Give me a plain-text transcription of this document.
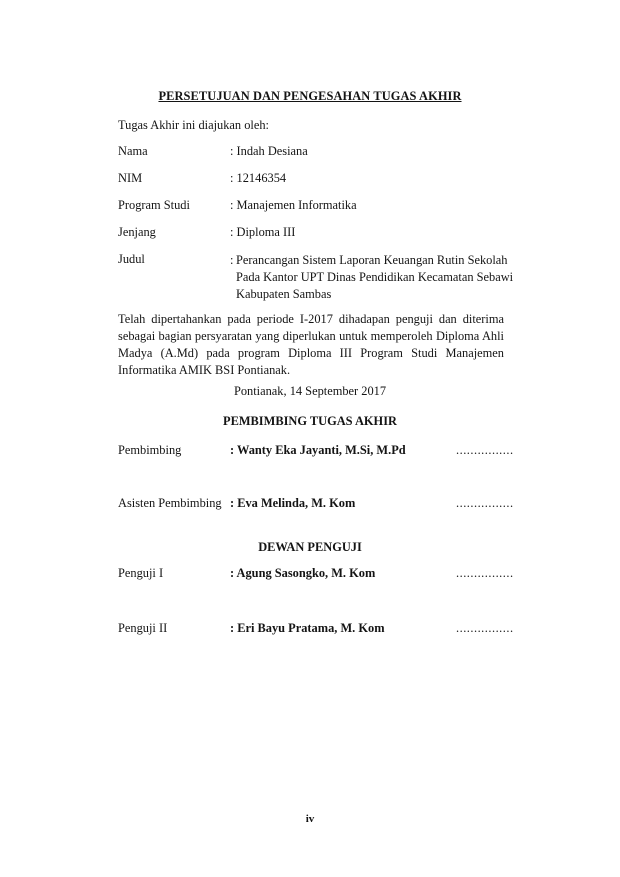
PERSETUJUAN DAN PENGESAHAN TUGAS AKHIR
Tugas Akhir ini diajukan oleh:
Nama	: Indah Desiana
NIM	: 12146354
Program Studi	: Manajemen Informatika
Jenjang	: Diploma III
Judul	: Perancangan Sistem Laporan Keuangan Rutin Sekolah
Pada Kantor UPT Dinas Pendidikan Kecamatan Sebawi
Kabupaten Sambas
Telah dipertahankan pada periode I-2017 dihadapan penguji dan diterima sebagai bagian persyaratan yang diperlukan untuk memperoleh Diploma Ahli Madya (A.Md) pada program Diploma III Program Studi Manajemen Informatika AMIK BSI Pontianak.
Pontianak, 14 September 2017
PEMBIMBING TUGAS AKHIR
Pembimbing	: Wanty Eka Jayanti, M.Si, M.Pd	................
Asisten Pembimbing : Eva Melinda, M. Kom	................
DEWAN PENGUJI
Penguji I	: Agung Sasongko, M. Kom	................
Penguji II	: Eri Bayu Pratama, M. Kom	................
iv
